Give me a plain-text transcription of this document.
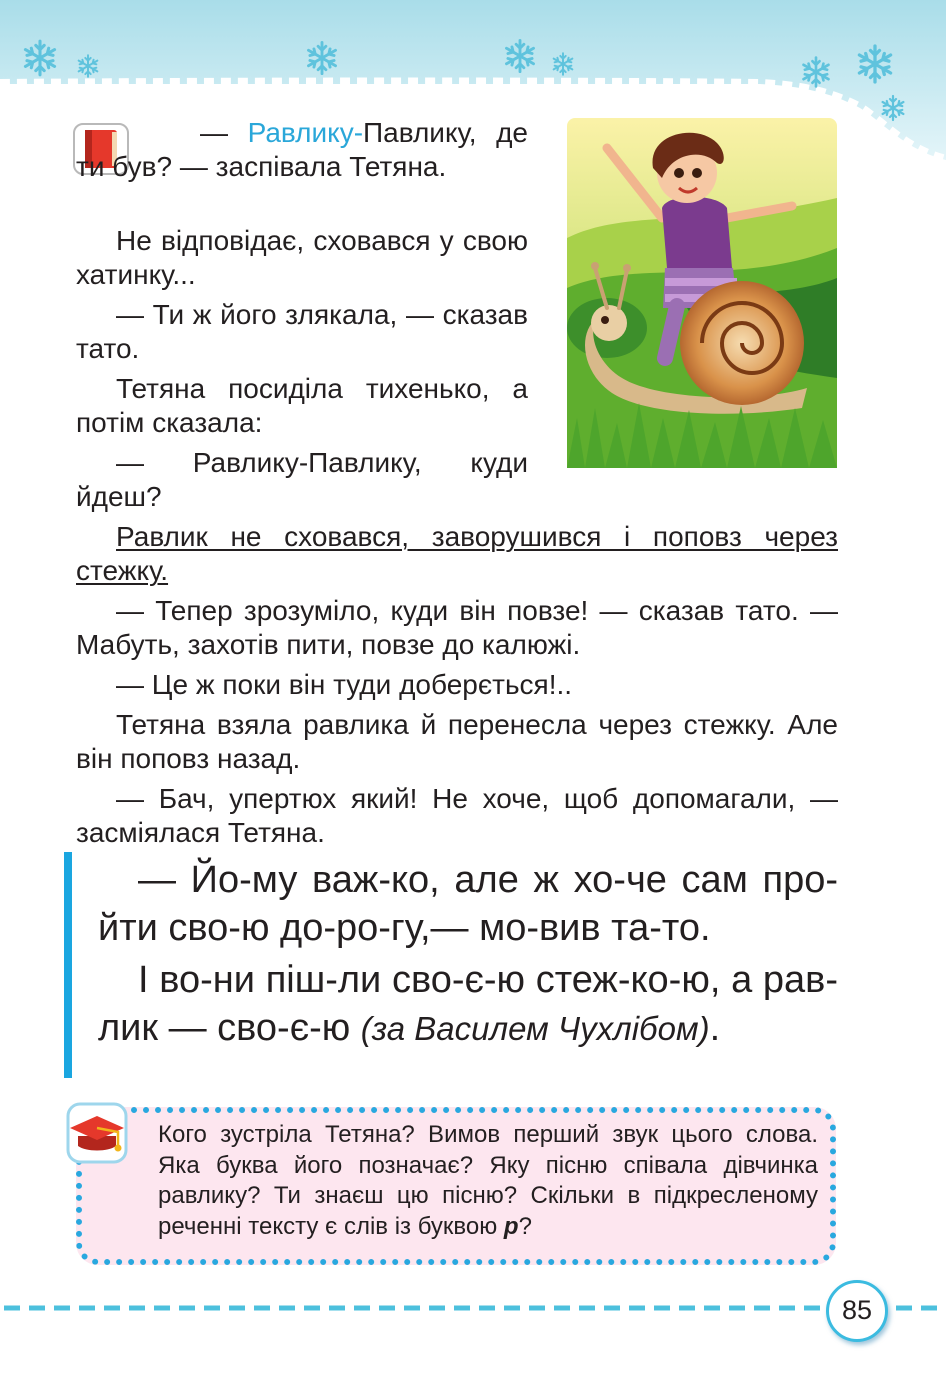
— Равлику-Павлику, де ти був? — заспівала Тетяна.

Не відповідає, сховався у свою хатинку...

— Ти ж його злякала, — сказав тато.

Тетяна посиділа тихенько, а потім сказала:

— Равлику-Павлику, куди йдеш?

Равлик не сховався, заворушився і поповз через стежку.

— Тепер зрозуміло, куди він повзе! — сказав тато. — Мабуть, захотів пити, повзе до калюжі.

— Це ж поки він туди доберється!..

Тетяна взяла равлика й перенесла через стежку. Але він поповз назад.

— Бач, упертюх який! Не хоче, щоб допомагали, — засміялася Тетяна.

— Йо-му важ-ко, але ж хо-че сам про-йти сво-ю до-ро-гу,— мо-вив та-то.

І во-ни піш-ли сво-є-ю стеж-ко-ю, а рав-лик — сво-є-ю (за Василем Чухлібом).

Кого зустріла Тетяна? Вимов перший звук цього слова. Яка буква його позначає? Яку пісню співала дівчинка равлику? Ти знаєш цю пісню? Скільки в підкресленому реченні тексту є слів із буквою р?

85
